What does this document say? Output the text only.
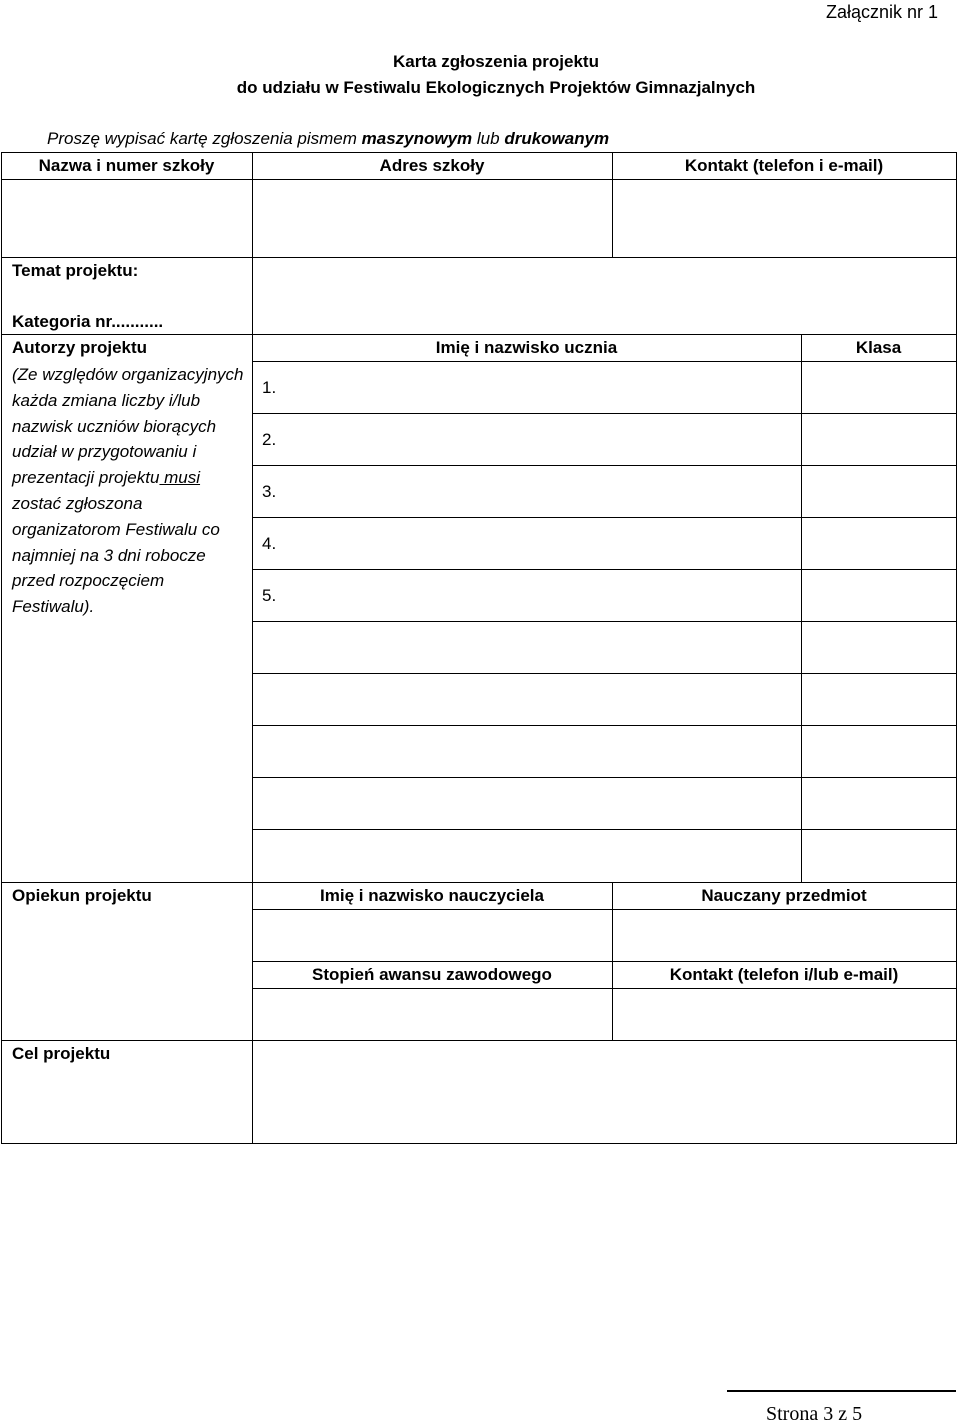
Załącznik nr 1
Karta zgłoszenia projektu
do udziału w Festiwalu Ekologicznych Projektów Gimnazjalnych
Proszę wypisać kartę zgłoszenia pismem maszynowym lub drukowanym
Nazwa i numer szkoły	Adres szkoły	Kontakt (telefon i e-mail)
Temat projektu:
Kategoria nr...........
Autorzy projektu
(Ze względów organizacyjnych każda zmiana liczby i/lub nazwisk uczniów biorących udział w przygotowaniu i prezentacji projektu musi zostać zgłoszona organizatorom Festiwalu co najmniej na 3 dni robocze przed rozpoczęciem Festiwalu).
Imię i nazwisko ucznia	Klasa
1.
2.
3.
4.
5.
Opiekun projektu	Imię i nazwisko nauczyciela	Nauczany przedmiot
Stopień awansu zawodowego	Kontakt (telefon i/lub e-mail)
Cel projektu
Strona 3 z 5
